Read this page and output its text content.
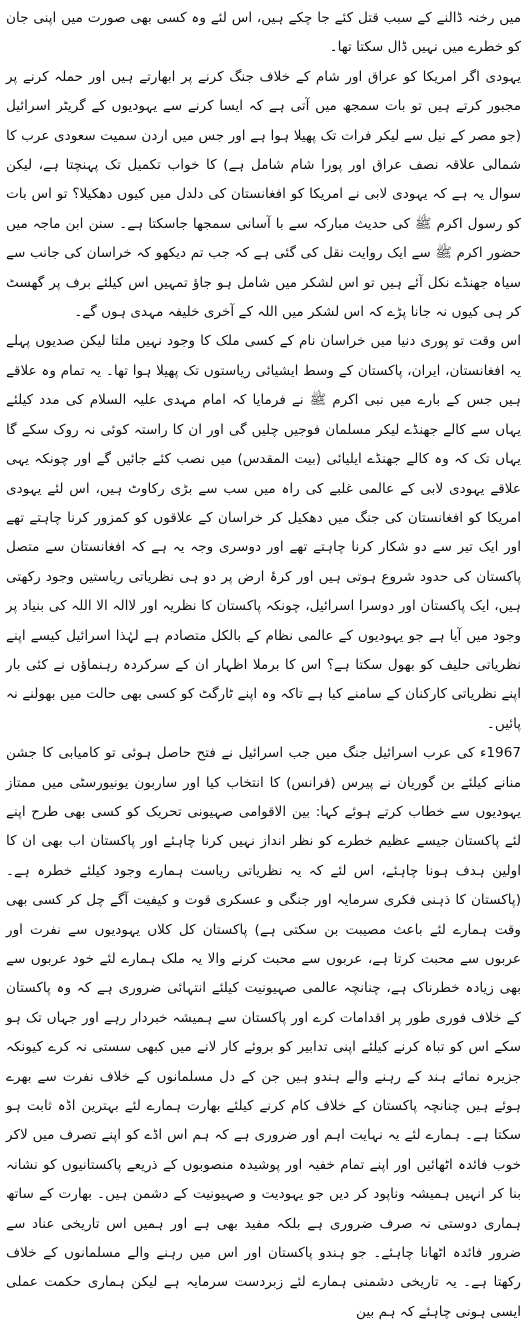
میں رخنہ ڈالنے کے سبب قتل کئے جا چکے ہیں، اس لئے وہ کسی بھی صورت میں اپنی جان کو خطرے میں نہیں ڈال سکتا تھا۔

یہودی اگر امریکا کو عراق اور شام کے خلاف جنگ کرنے پر ابھارتے ہیں اور حملہ کرنے پر مجبور کرتے ہیں تو بات سمجھ میں آتی ہے کہ ایسا کرنے سے یہودیوں کے گریٹر اسرائیل (جو مصر کے نیل سے لیکر فرات تک پھیلا ہوا ہے اور جس میں اردن سمیت سعودی عرب کا شمالی علاقہ نصف عراق اور پورا شام شامل ہے) کا خواب تکمیل تک پہنچتا ہے، لیکن سوال یہ ہے کہ یہودی لابی نے امریکا کو افغانستان کی دلدل میں کیوں دھکیلا؟ تو اس بات کو رسول اکرم ﷺ کی حدیث مبارکہ سے با آسانی سمجھا جاسکتا ہے۔ سنن ابن ماجہ میں حضور اکرم ﷺ سے ایک روایت نقل کی گئی ہے کہ جب تم دیکھو کہ خراسان کی جانب سے سیاہ جھنڈے نکل آئے ہیں تو اس لشکر میں شامل ہو جاؤ تمہیں اس کیلئے برف پر گھسٹ کر ہی کیوں نہ جانا پڑے کہ اس لشکر میں اللہ کے آخری خلیفہ مہدی ہوں گے۔

اس وقت تو پوری دنیا میں خراسان نام کے کسی ملک کا وجود نہیں ملتا لیکن صدیوں پہلے یہ افغانستان، ایران، پاکستان کے وسط ایشیائی ریاستوں تک پھیلا ہوا تھا۔ یہ تمام وہ علاقے ہیں جس کے بارے میں نبی اکرم ﷺ نے فرمایا کہ امام مہدی علیہ السلام کی مدد کیلئے یہاں سے کالے جھنڈے لیکر مسلمان فوجیں چلیں گی اور ان کا راستہ کوئی نہ روک سکے گا یہاں تک کہ وہ کالے جھنڈے ایلیائی (بیت المقدس) میں نصب کئے جائیں گے اور چونکہ یہی علاقے یہودی لابی کے عالمی غلبے کی راہ میں سب سے بڑی رکاوٹ ہیں، اس لئے یہودی امریکا کو افغانستان کی جنگ میں دھکیل کر خراسان کے علاقوں کو کمزور کرنا چاہتے تھے اور ایک تیر سے دو شکار کرنا چاہتے تھے اور دوسری وجہ یہ ہے کہ افغانستان سے متصل پاکستان کی حدود شروع ہوتی ہیں اور کرۂ ارض پر دو ہی نظریاتی ریاستیں وجود رکھتی ہیں، ایک پاکستان اور دوسرا اسرائیل، چونکہ پاکستان کا نظریہ اور لاالہ الا اللہ کی بنیاد پر وجود میں آیا ہے جو یہودیوں کے عالمی نظام کے بالکل متصادم ہے لہٰذا اسرائیل کیسے اپنے نظریاتی حلیف کو بھول سکتا ہے؟ اس کا برملا اظہار ان کے سرکردہ رہنماؤں نے کئی بار اپنے نظریاتی کارکنان کے سامنے کیا ہے تاکہ وہ اپنے ٹارگٹ کو کسی بھی حالت میں بھولنے نہ پائیں۔

1967ء کی عرب اسرائیل جنگ میں جب اسرائیل نے فتح حاصل ہوئی تو کامیابی کا جشن منانے کیلئے بن گوریان نے پیرس (فرانس) کا انتخاب کیا اور ساربون یونیورسٹی میں ممتاز یہودیوں سے خطاب کرتے ہوئے کہا: بین الاقوامی صہیونی تحریک کو کسی بھی طرح اپنے لئے پاکستان جیسے عظیم خطرے کو نظر انداز نہیں کرنا چاہئے اور پاکستان اب بھی ان کا اولین ہدف ہونا چاہئے، اس لئے کہ یہ نظریاتی ریاست ہمارے وجود کیلئے خطرہ ہے۔ (پاکستان کا ذہنی فکری سرمایہ اور جنگی و عسکری قوت و کیفیت آگے چل کر کسی بھی وقت ہمارے لئے باعث مصیبت بن سکتی ہے) پاکستان کل کلاں یہودیوں سے نفرت اور عربوں سے محبت کرتا ہے، عربوں سے محبت کرنے والا یہ ملک ہمارے لئے خود عربوں سے بھی زیادہ خطرناک ہے، چنانچہ عالمی صہیونیت کیلئے انتہائی ضروری ہے کہ وہ پاکستان کے خلاف فوری طور پر اقدامات کرے اور پاکستان سے ہمیشہ خبردار رہے اور جہاں تک ہو سکے اس کو تباہ کرنے کیلئے اپنی تدابیر کو بروئے کار لانے میں کبھی سستی نہ کرے کیونکہ جزیرہ نمائے ہند کے رہنے والے ہندو ہیں جن کے دل مسلمانوں کے خلاف نفرت سے بھرے ہوئے ہیں چنانچہ پاکستان کے خلاف کام کرنے کیلئے بھارت ہمارے لئے بہترین اڈہ ثابت ہو سکتا ہے۔ ہمارے لئے یہ نہایت اہم اور ضروری ہے کہ ہم اس اڈے کو اپنے تصرف میں لاکر خوب فائدہ اٹھائیں اور اپنے تمام خفیہ اور پوشیدہ منصوبوں کے ذریعے پاکستانیوں کو نشانہ بنا کر انہیں ہمیشہ وناپود کر دیں جو یہودیت و صہیونیت کے دشمن ہیں۔ بھارت کے ساتھ ہماری دوستی نہ صرف ضروری ہے بلکہ مفید بھی ہے اور ہمیں اس تاریخی عناد سے ضرور فائدہ اٹھانا چاہئے۔ جو ہندو پاکستان اور اس میں رہنے والے مسلمانوں کے خلاف رکھتا ہے۔ یہ تاریخی دشمنی ہمارے لئے زبردست سرمایہ ہے لیکن ہماری حکمت عملی ایسی ہونی چاہئے کہ ہم بین
